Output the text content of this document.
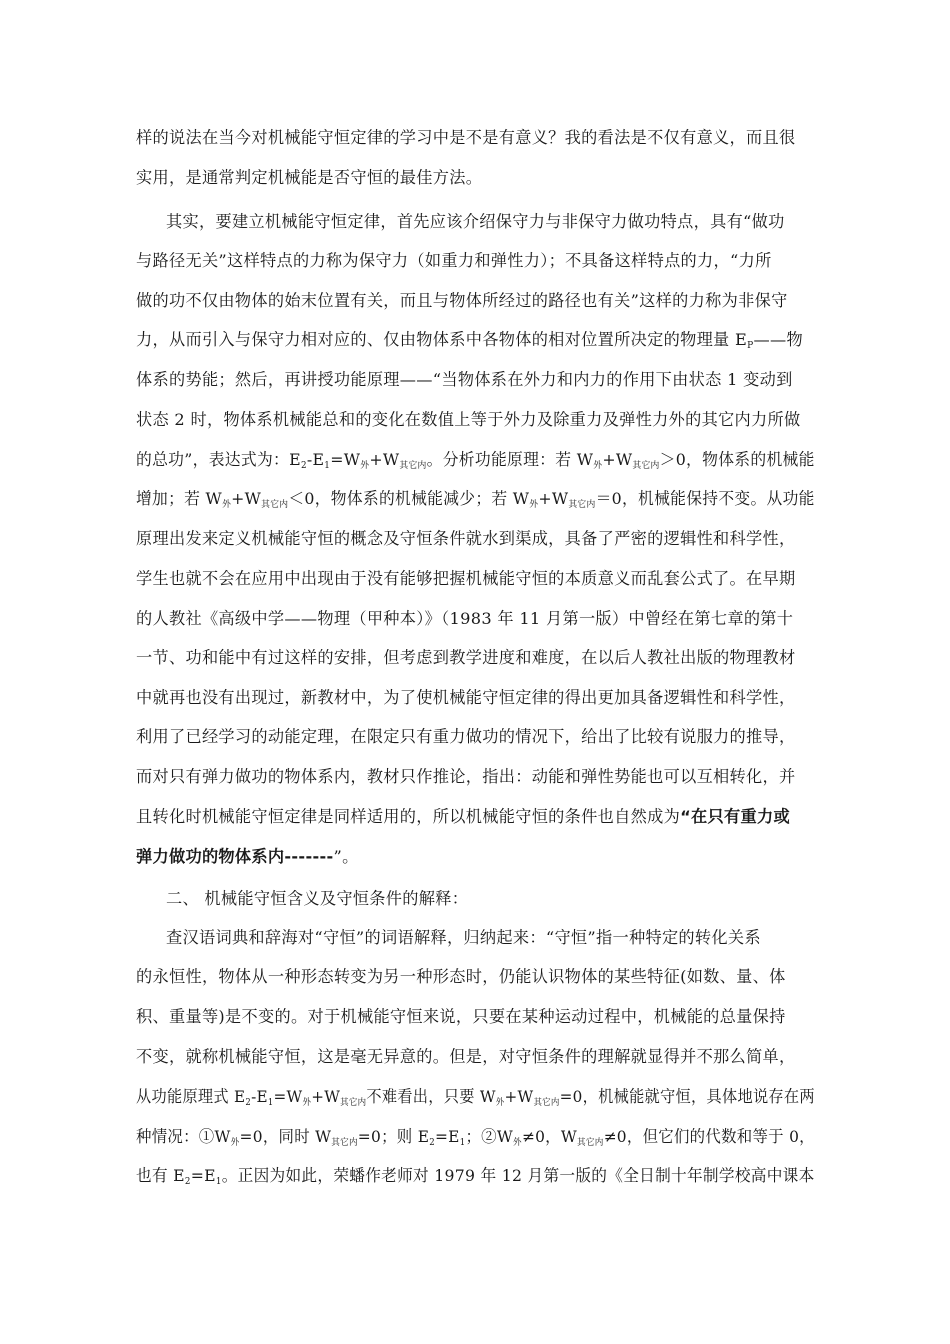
样的说法在当今对机械能守恒定律的学习中是不是有意义？我的看法是不仅有意义，而且很
实用，是通常判定机械能是否守恒的最佳方法。
其实，要建立机械能守恒定律，首先应该介绍保守力与非保守力做功特点，具有“做功
与路径无关”这样特点的力称为保守力（如重力和弹性力）；不具备这样特点的力，“力所
做的功不仅由物体的始末位置有关，而且与物体所经过的路径也有关”这样的力称为非保守
力，从而引入与保守力相对应的、仅由物体系中各物体的相对位置所决定的物理量 $E_P——$物
体系的势能；然后，再讲授功能原理——“当物体系在外力和内力的作用下由状态 1 变动到
状态 2 时，物体系机械能总和的变化在数值上等于外力及除重力及弹性力外的其它内力所做
的总功”，表达式为：$E_2-E_1=W_外+W_{其它内}$。分析功能原理：若 $W_外+W_{其它内}>0$，物体系的机械能
增加；若 $W_外+W_{其它内}<0$，物体系的机械能减少；若 $W_外+W_{其它内}=0$，机械能保持不变。从功能
原理出发来定义机械能守恒的概念及守恒条件就水到渠成，具备了严密的逻辑性和科学性，
学生也就不会在应用中出现由于没有能够把握机械能守恒的本质意义而乱套公式了。在早期
的人教社《高级中学——物理（甲种本）》（1983 年 11 月第一版）中曾经在第七章的第十
一节、功和能中有过这样的安排，但考虑到教学进度和难度，在以后人教社出版的物理教材
中就再也没有出现过，新教材中，为了使机械能守恒定律的得出更加具备逻辑性和科学性，
利用了已经学习的动能定理，在限定只有重力做功的情况下，给出了比较有说服力的推导，
而对只有弹力做功的物体系内，教材只作推论，指出：动能和弹性势能也可以互相转化，并
且转化时机械能守恒定律是同样适用的，所以机械能守恒的条件也自然成为“在只有重力或
弹力做功的物体系内-------”。
二、 机械能守恒含义及守恒条件的解释：
查汉语词典和辞海对“守恒”的词语解释，归纳起来：“守恒”指一种特定的转化关系
的永恒性，物体从一种形态转变为另一种形态时，仍能认识物体的某些特征(如数、量、体
积、重量等)是不变的。对于机械能守恒来说，只要在某种运动过程中，机械能的总量保持
不变，就称机械能守恒，这是毫无异意的。但是，对守恒条件的理解就显得并不那么简单，
从功能原理式 $E_2-E_1=W_外+W_{其它内}$不难看出，只要 $W_外+W_{其它内}=0$，机械能就守恒，具体地说存在两
种情况：$①W_外=0$，同时 $W_{其它内}=0$；则 $E_2=E_1$；$②W_外\ne 0$，$W_{其它内}\ne 0$，但它们的代数和等于 0，
也有 $E_2=E_1$。正因为如此，荣蟠作老师对 1979 年 12 月第一版的《全日制十年制学校高中课本
